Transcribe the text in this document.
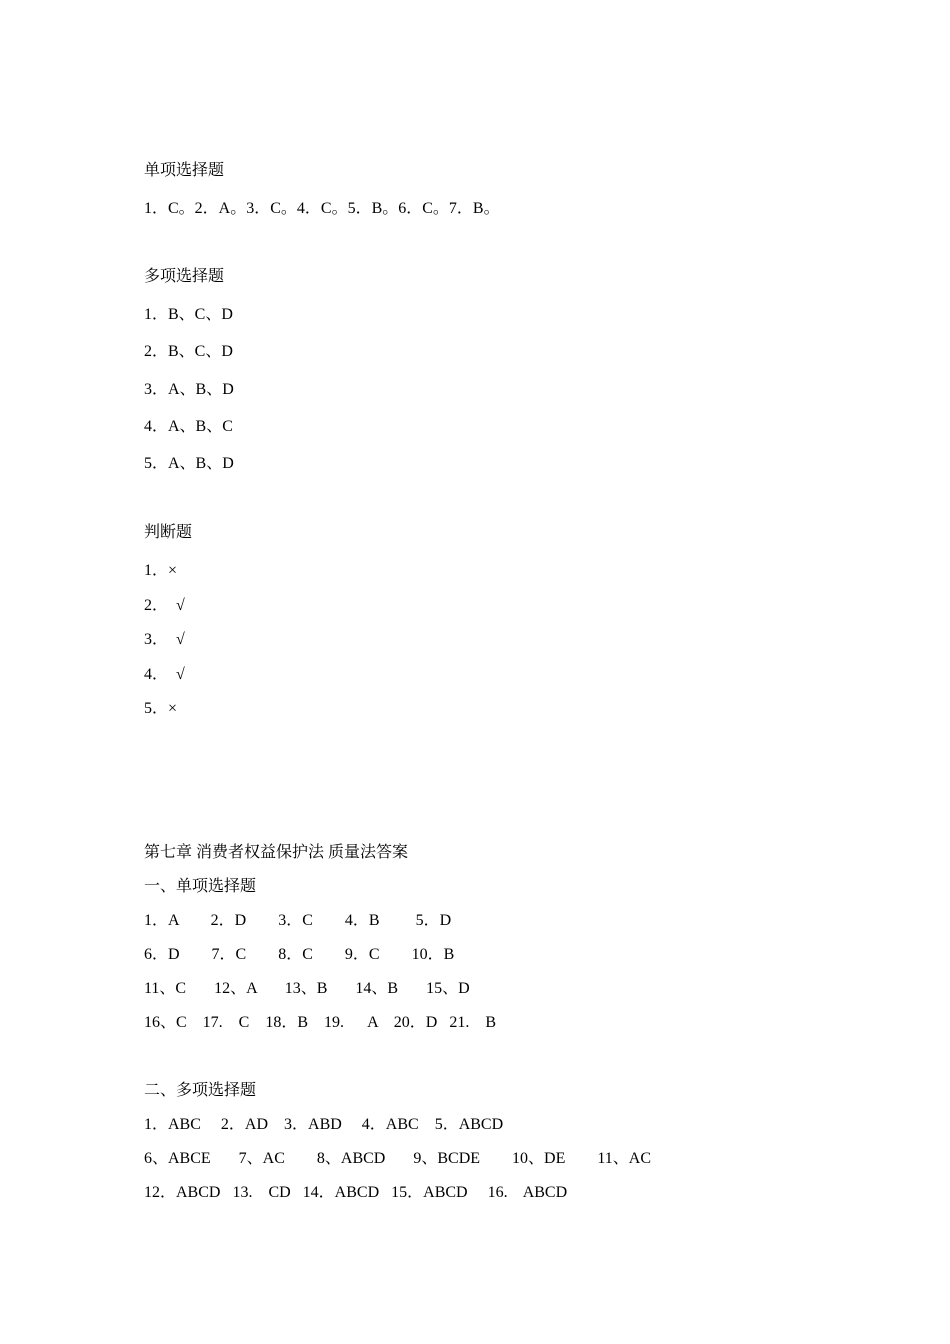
单项选择题
1．C。2．A。3．C。4．C。5．B。6．C。7．B。
多项选择题
1．B、C、D
2．B、C、D
3．A、B、D
4．A、B、C
5．A、B、D
判断题
1．×
2．  √
3．  √
4．  √
5．×
第七章 消费者权益保护法 质量法答案
一、单项选择题
1．A        2．D        3．C        4．B         5．D
6．D        7．C        8．C        9．C        10．B
11、C       12、A       13、B       14、B       15、D
16、C    17.    C    18．B    19.      A    20．D   21.    B
二、多项选择题
1．ABC     2．AD    3．ABD     4．ABC    5．ABCD
6、ABCE       7、AC        8、ABCD       9、BCDE        10、DE        11、AC
12．ABCD   13.    CD   14．ABCD   15．ABCD     16.    ABCD
